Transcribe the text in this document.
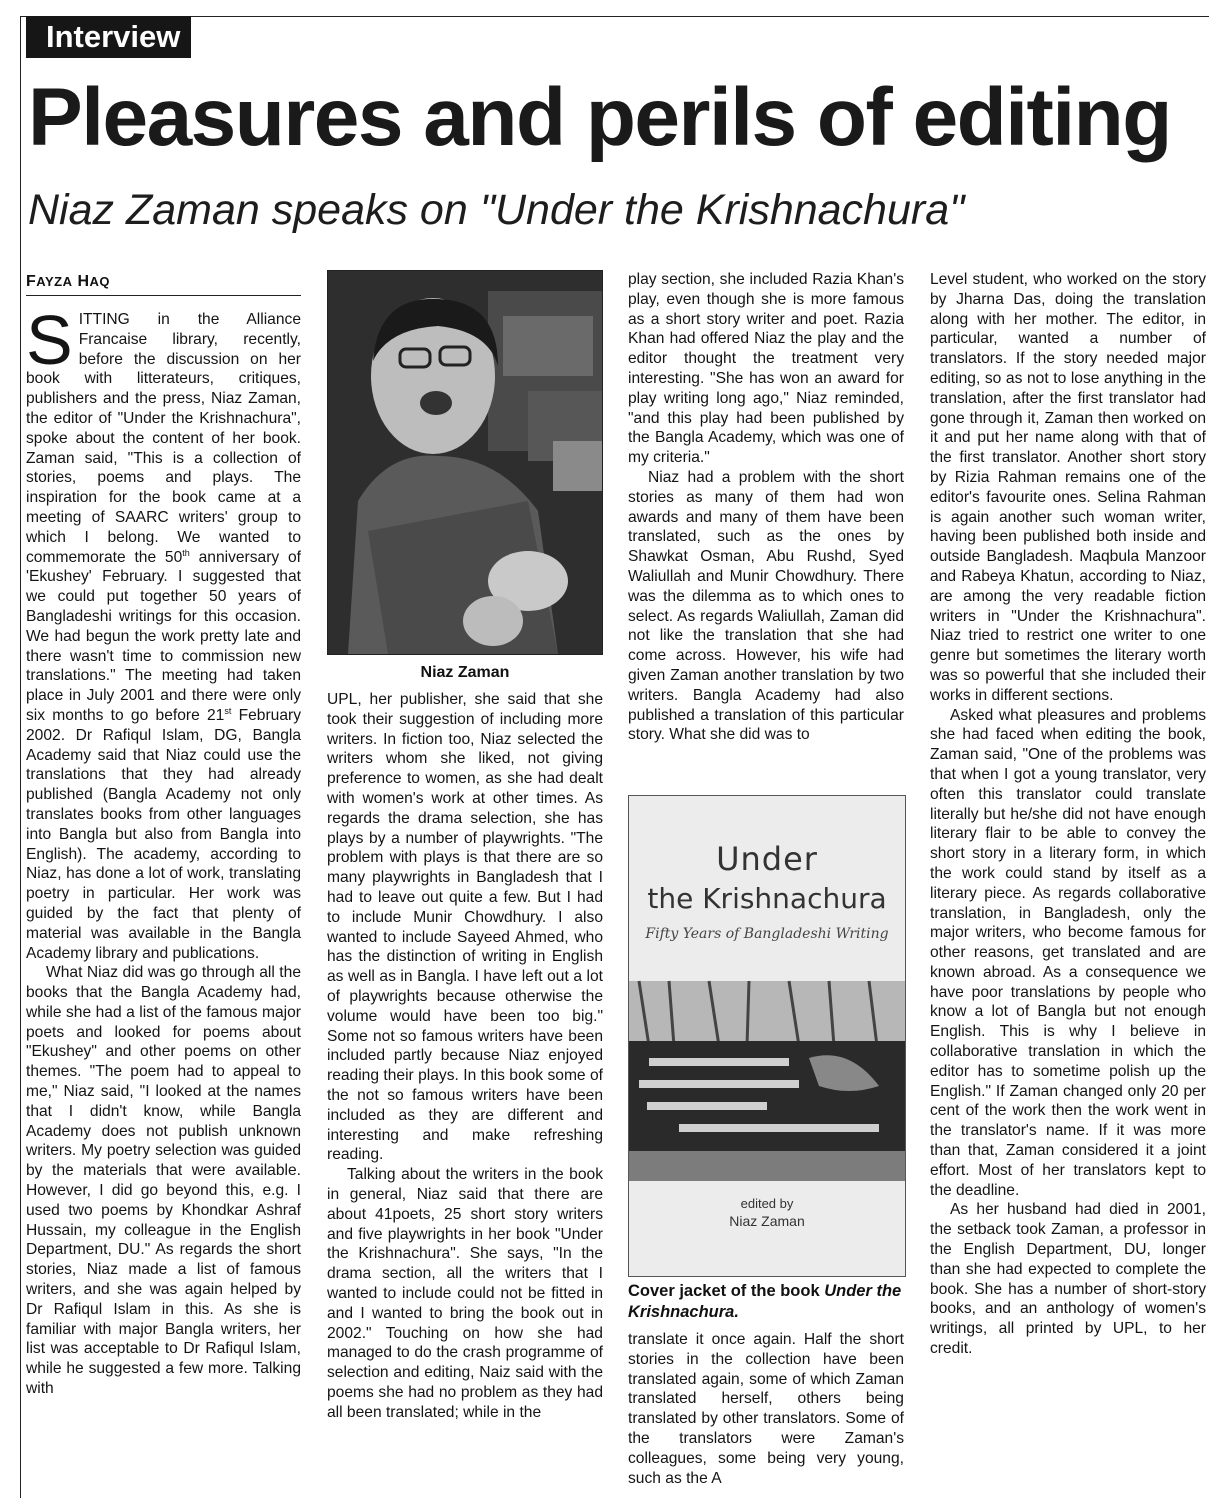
Interview
Pleasures and perils of editing
Niaz Zaman speaks on "Under the Krishnachura"
FAYZA HAQ

SITTING in the Alliance Francaise library, recently, before the discussion on her book with litterateurs, critiques, publishers and the press, Niaz Zaman, the editor of "Under the Krishnachura", spoke about the content of her book. Zaman said, "This is a collection of stories, poems and plays. The inspiration for the book came at a meeting of SAARC writers' group to which I belong. We wanted to commemorate the 50th anniversary of 'Ekushey' February. I suggested that we could put together 50 years of Bangladeshi writings for this occasion. We had begun the work pretty late and there wasn't time to commission new translations." The meeting had taken place in July 2001 and there were only six months to go before 21st February 2002. Dr Rafiqul Islam, DG, Bangla Academy said that Niaz could use the translations that they had already published (Bangla Academy not only translates books from other languages into Bangla but also from Bangla into English). The academy, according to Niaz, has done a lot of work, translating poetry in particular. Her work was guided by the fact that plenty of material was available in the Bangla Academy library and publications.

What Niaz did was go through all the books that the Bangla Academy had, while she had a list of the famous major poets and looked for poems about "Ekushey" and other poems on other themes. "The poem had to appeal to me," Niaz said, "I looked at the names that I didn't know, while Bangla Academy does not publish unknown writers. My poetry selection was guided by the materials that were available. However, I did go beyond this, e.g. I used two poems by Khondkar Ashraf Hussain, my colleague in the English Department, DU." As regards the short stories, Niaz made a list of famous writers, and she was again helped by Dr Rafiqul Islam in this. As she is familiar with major Bangla writers, her list was acceptable to Dr Rafiqul Islam, while he suggested a few more. Talking with

Niaz Zaman

UPL, her publisher, she said that she took their suggestion of including more writers. In fiction too, Niaz selected the writers whom she liked, not giving preference to women, as she had dealt with women's work at other times. As regards the drama selection, she has plays by a number of playwrights. "The problem with plays is that there are so many playwrights in Bangladesh that I had to leave out quite a few. But I had to include Munir Chowdhury. I also wanted to include Sayeed Ahmed, who has the distinction of writing in English as well as in Bangla. I have left out a lot of playwrights because otherwise the volume would have been too big." Some not so famous writers have been included partly because Niaz enjoyed reading their plays. In this book some of the not so famous writers have been included as they are different and interesting and make refreshing reading.

Talking about the writers in the book in general, Niaz said that there are about 41poets, 25 short story writers and five playwrights in her book "Under the Krishnachura". She says, "In the drama section, all the writers that I wanted to include could not be fitted in and I wanted to bring the book out in 2002." Touching on how she had managed to do the crash programme of selection and editing, Naiz said with the poems she had no problem as they had all been translated; while in the

play section, she included Razia Khan's play, even though she is more famous as a short story writer and poet. Razia Khan had offered Niaz the play and the editor thought the treatment very interesting. "She has won an award for play writing long ago," Niaz reminded, "and this play had been published by the Bangla Academy, which was one of my criteria."

Niaz had a problem with the short stories as many of them had won awards and many of them have been translated, such as the ones by Shawkat Osman, Abu Rushd, Syed Waliullah and Munir Chowdhury. There was the dilemma as to which ones to select. As regards Waliullah, Zaman did not like the translation that she had come across. However, his wife had given Zaman another translation by two writers. Bangla Academy had also published a translation of this particular story. What she did was to

Under
the Krishnachura
Fifty Years of Bangladeshi Writing
edited by
Niaz Zaman
Cover jacket of the book Under the Krishnachura.

translate it once again. Half the short stories in the collection have been translated again, some of which Zaman translated herself, others being translated by other translators. Some of the translators were Zaman's colleagues, some being very young, such as the A

Level student, who worked on the story by Jharna Das, doing the translation along with her mother. The editor, in particular, wanted a number of translators. If the story needed major editing, so as not to lose anything in the translation, after the first translator had gone through it, Zaman then worked on it and put her name along with that of the first translator. Another short story by Rizia Rahman remains one of the editor's favourite ones. Selina Rahman is again another such woman writer, having been published both inside and outside Bangladesh. Maqbula Manzoor and Rabeya Khatun, according to Niaz, are among the very readable fiction writers in "Under the Krishnachura". Niaz tried to restrict one writer to one genre but sometimes the literary worth was so powerful that she included their works in different sections.

Asked what pleasures and problems she had faced when editing the book, Zaman said, "One of the problems was that when I got a young translator, very often this translator could translate literally but he/she did not have enough literary flair to be able to convey the short story in a literary form, in which the work could stand by itself as a literary piece. As regards collaborative translation, in Bangladesh, only the major writers, who become famous for other reasons, get translated and are known abroad. As a consequence we have poor translations by people who know a lot of Bangla but not enough English. This is why I believe in collaborative translation in which the editor has to sometime polish up the English." If Zaman changed only 20 per cent of the work then the work went in the translator's name. If it was more than that, Zaman considered it a joint effort. Most of her translators kept to the deadline.

As her husband had died in 2001, the setback took Zaman, a professor in the English Department, DU, longer than she had expected to complete the book. She has a number of short-story books, and an anthology of women's writings, all printed by UPL, to her credit.
